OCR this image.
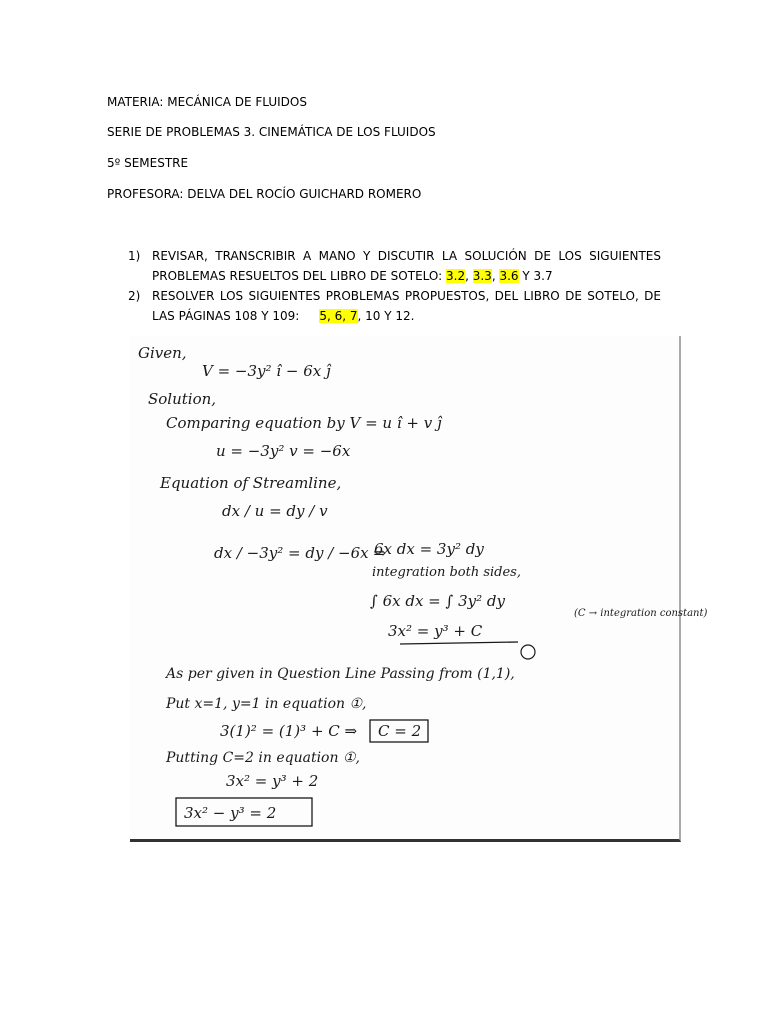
MATERIA: MECÁNICA DE FLUIDOS
SERIE DE PROBLEMAS 3. CINEMÁTICA DE LOS FLUIDOS
5º SEMESTRE
PROFESORA: DELVA DEL ROCÍO GUICHARD ROMERO
1) REVISAR, TRANSCRIBIR A MANO Y DISCUTIR LA SOLUCIÓN DE LOS SIGUIENTES PROBLEMAS RESUELTOS DEL LIBRO DE SOTELO: 3.2, 3.3, 3.6 Y 3.7
2) RESOLVER LOS SIGUIENTES PROBLEMAS PROPUESTOS, DEL LIBRO DE SOTELO, DE LAS PÁGINAS 108 Y 109: 5, 6, 7, 10 Y 12.
Given,
V = −3y² î − 6x ĵ
Solution,
Comparing equation by V = u î + v ĵ
u = −3y² v = −6x
Equation of Streamline,
dx / u = dy / v
dx / −3y² = dy / −6x ⇒
6x dx = 3y² dy
integration both sides,
∫ 6x dx = ∫ 3y² dy
3x² = y³ + C
(C → integration constant)
As per given in Question Line Passing from (1,1),
Put x=1, y=1 in equation ①,
3(1)² = (1)³ + C ⇒ C = 2
Putting C=2 in equation ①,
3x² = y³ + 2
3x² − y³ = 2
